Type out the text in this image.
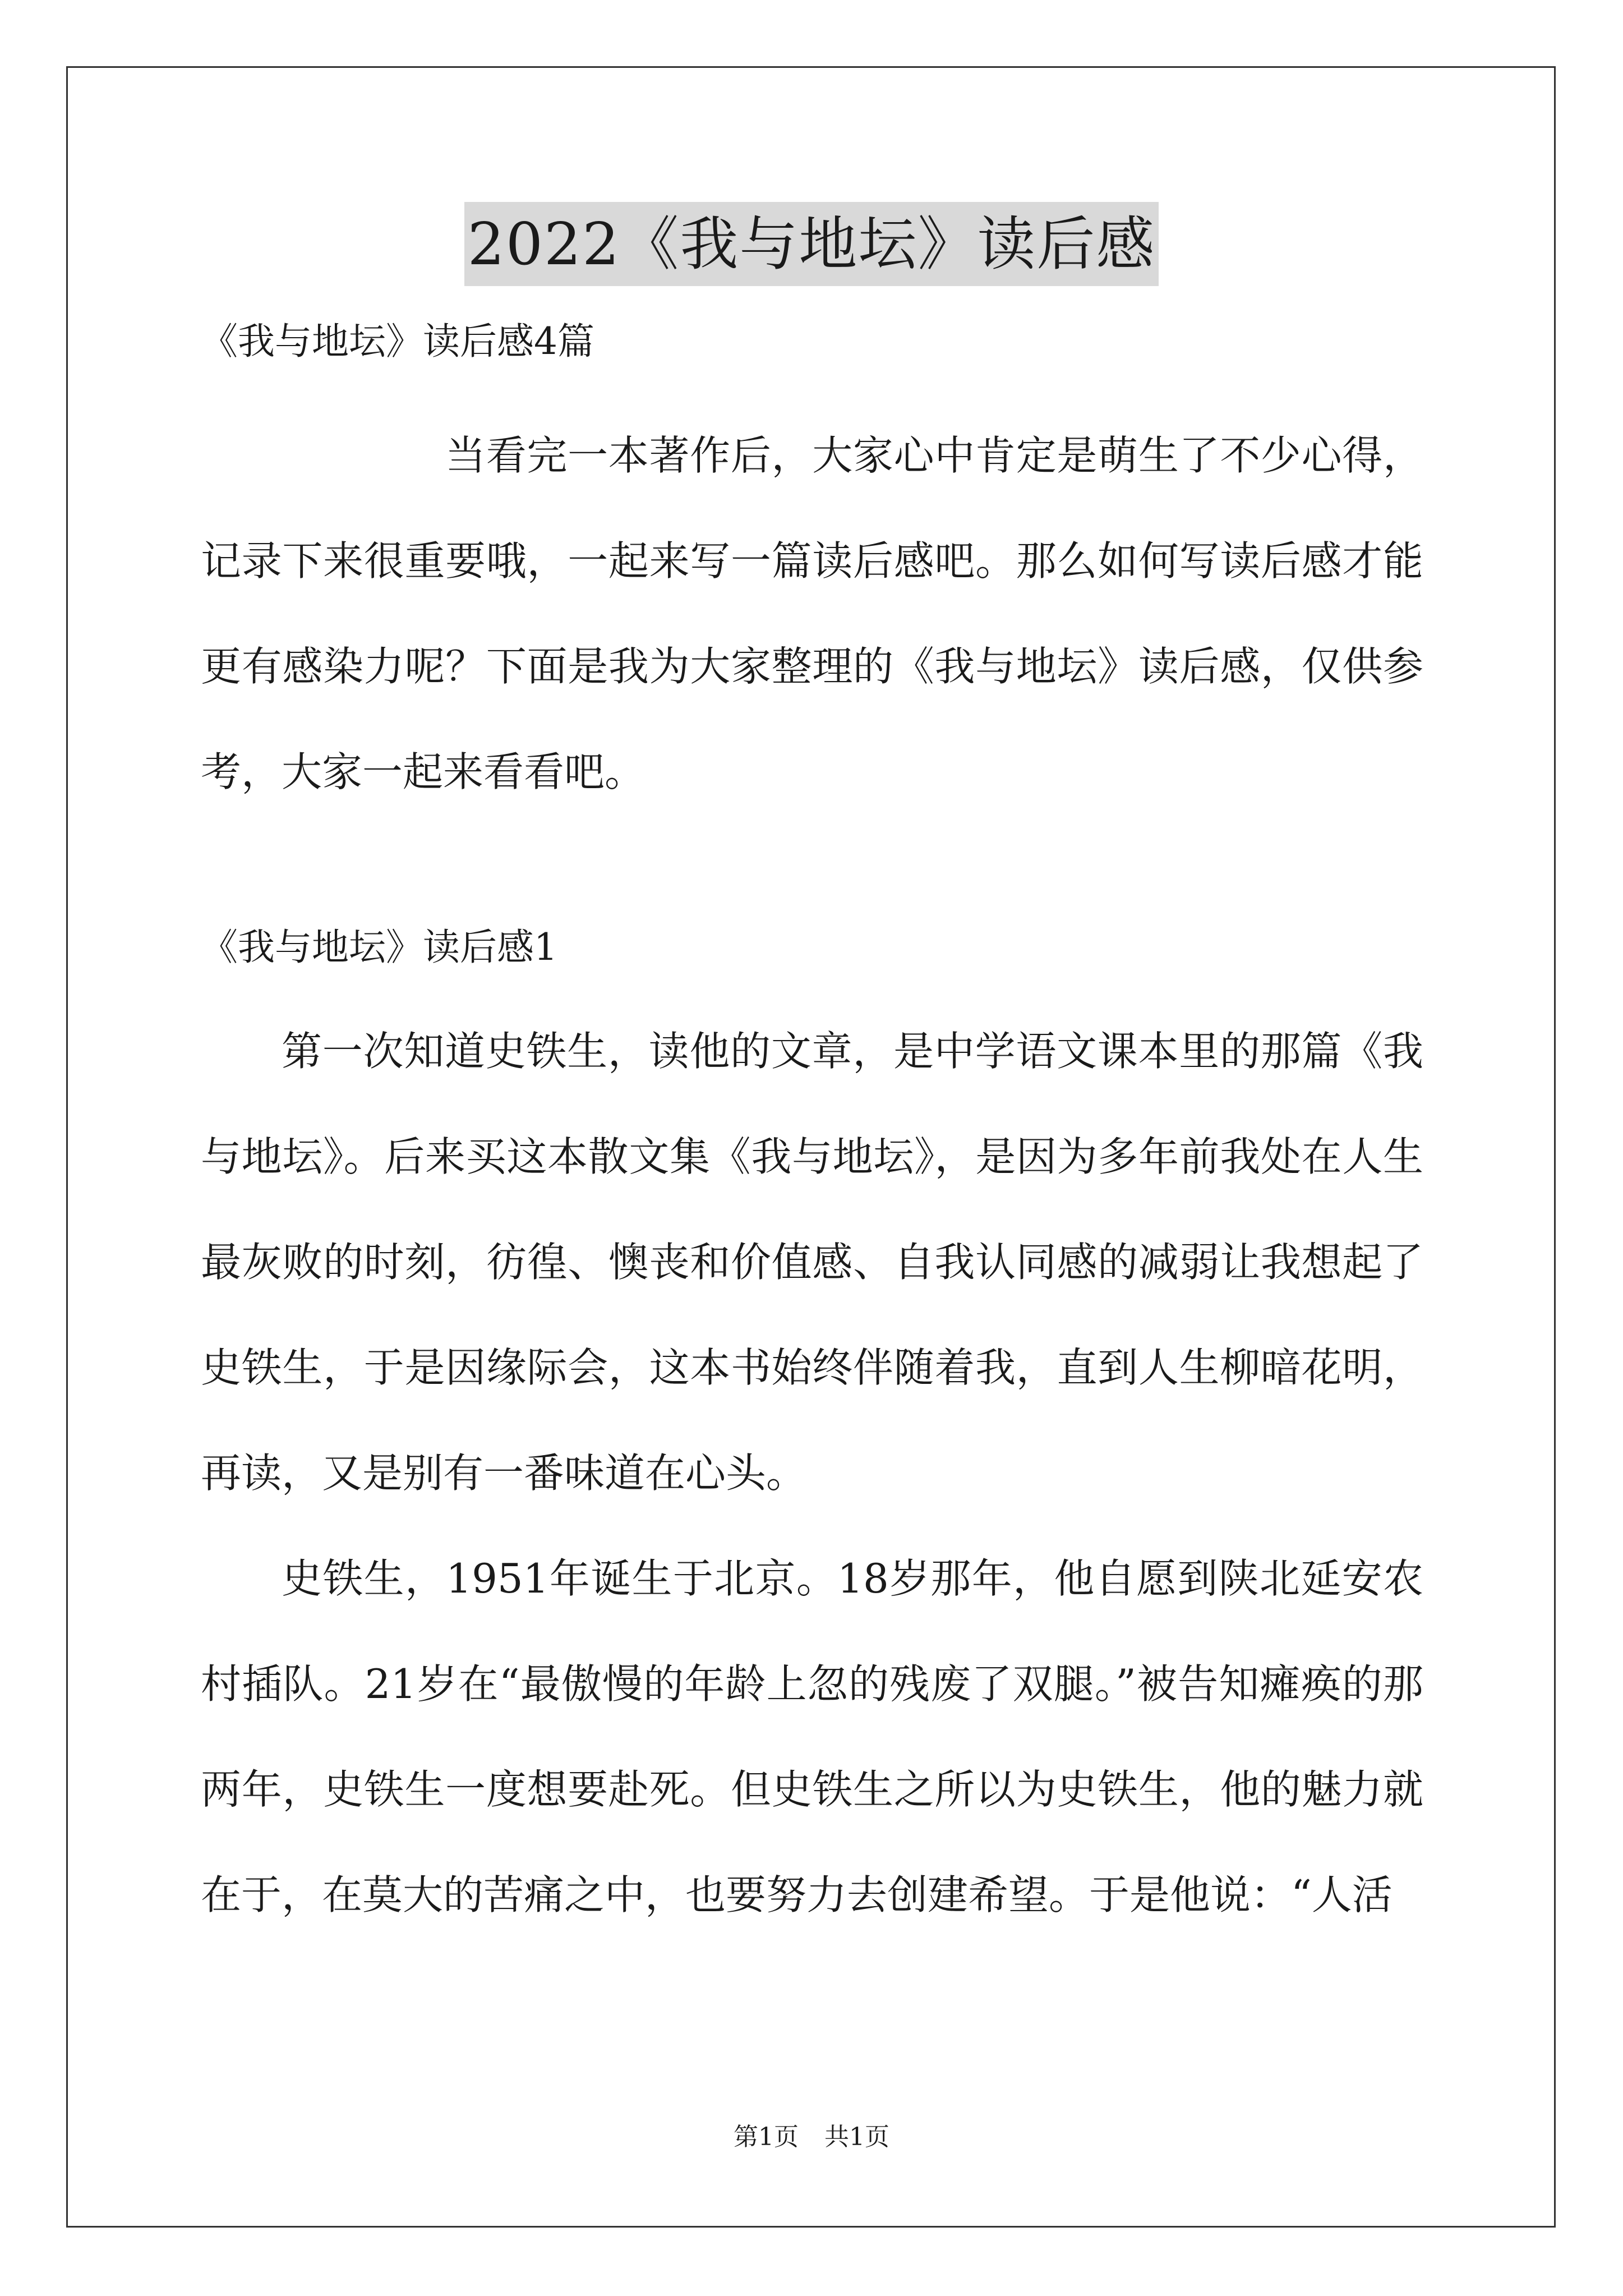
2022《我与地坛》读后感

《我与地坛》读后感4篇

当看完一本著作后，大家心中肯定是萌生了不少心得，记录下来很重要哦，一起来写一篇读后感吧。那么如何写读后感才能更有感染力呢？下面是我为大家整理的《我与地坛》读后感，仅供参考，大家一起来看看吧。

《我与地坛》读后感1

第一次知道史铁生，读他的文章，是中学语文课本里的那篇《我与地坛》。后来买这本散文集《我与地坛》，是因为多年前我处在人生最灰败的时刻，彷徨、懊丧和价值感、自我认同感的减弱让我想起了史铁生，于是因缘际会，这本书始终伴随着我，直到人生柳暗花明，再读，又是别有一番味道在心头。

史铁生，1951年诞生于北京。18岁那年，他自愿到陕北延安农村插队。21岁在“最傲慢的年龄上忽的残废了双腿。”被告知瘫痪的那两年，史铁生一度想要赴死。但史铁生之所以为史铁生，他的魅力就在于，在莫大的苦痛之中，也要努力去创建希望。于是他说：“人活

第1页 共1页
